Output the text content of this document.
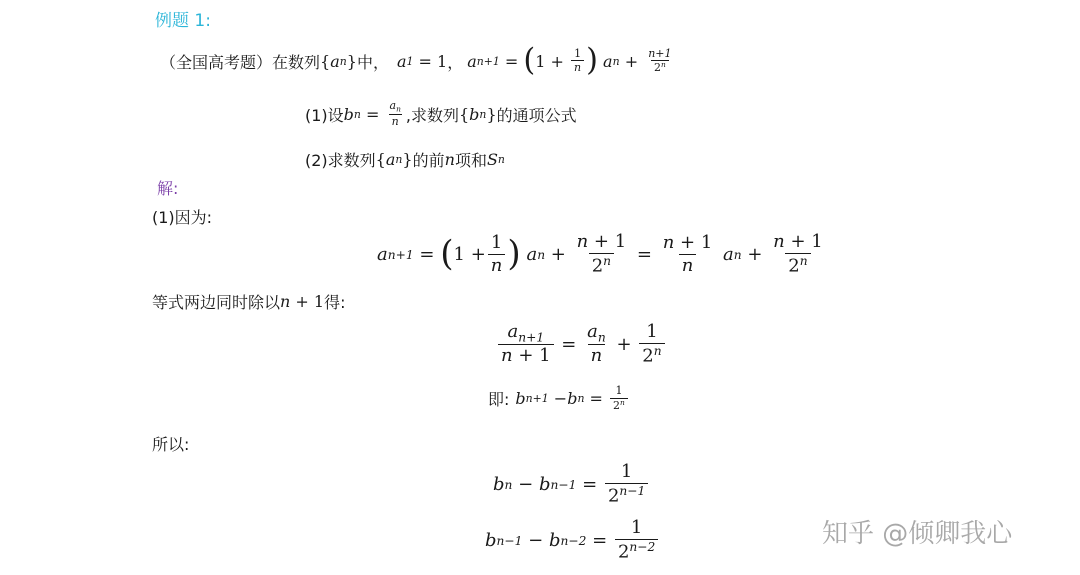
例题 1:
（全国高考题）在数列 { a n } 中， a 1 = 1 ， a n+1 = ( $1 + \frac{1}{n}$ ) a $n + \frac{n+1}{2^n}$
(1)设 b $n = \frac{a_n}{n}$ ,求数列 { b n } 的通项公式
(2)求数列 { a n } 的前 n 项和 S n
解:
(1)因为:
a n+1 = ( $1 + \frac{1}{n}$ ) a $n + \frac{n + 1}{2^n} = \frac{n + 1}{n}$ a $n + \frac{n + 1}{2^n}$
等式两边同时除以 n + 1 得:
$\frac{a_{n+1}}{n + 1} = \frac{a_n}{n} + \frac{1}{2^n}$
即: b n+1 − b $n = \frac{1}{2^n}$
所以:
b n − b $n-1 = \frac{1}{2^{n-1}}$
b n−1 − b $n-2 = \frac{1}{2^{n-2}}$	知乎 @倾卿我心
